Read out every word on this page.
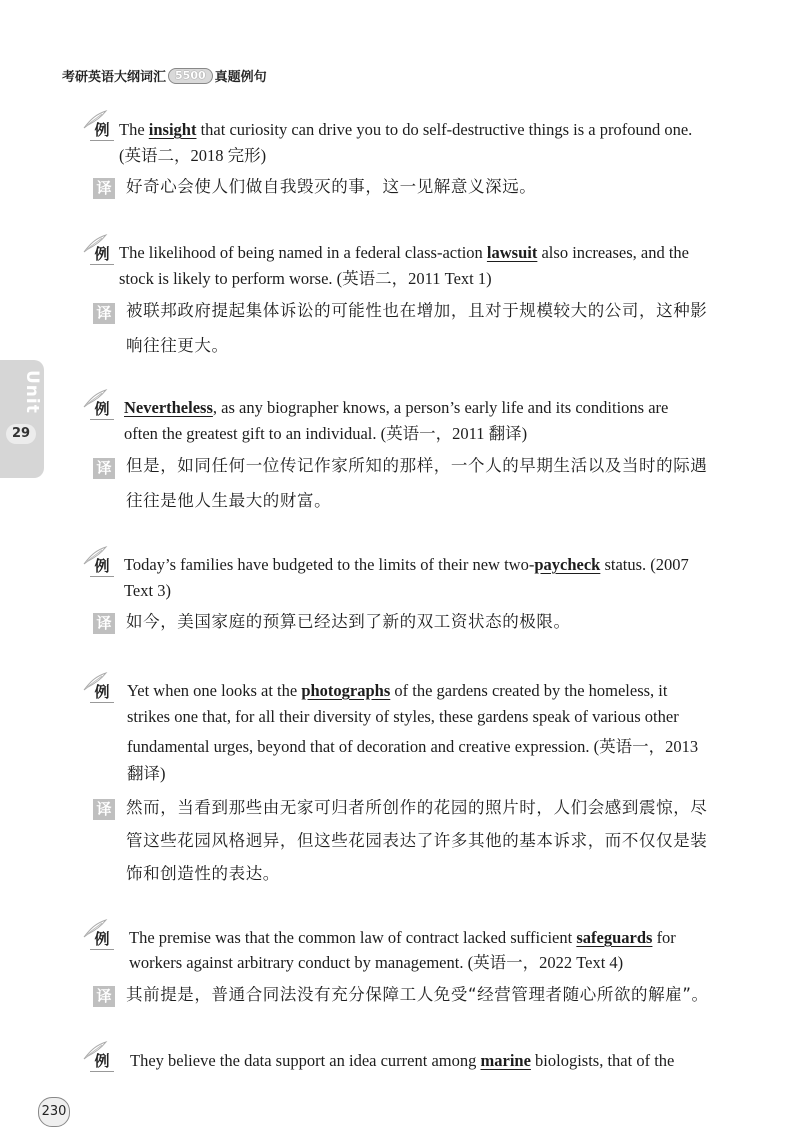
考研英语大纲词汇 5500 真题例句
Unit
29
例 The insight that curiosity can drive you to do self-destructive things is a profound one.
(英语二，2018 完形)
译 好奇心会使人们做自我毁灭的事，这一见解意义深远。
例 The likelihood of being named in a federal class-action lawsuit also increases, and the
stock is likely to perform worse. (英语二，2011 Text 1)
译 被联邦政府提起集体诉讼的可能性也在增加，且对于规模较大的公司，这种影
响往往更大。
例 Nevertheless, as any biographer knows, a person’s early life and its conditions are
often the greatest gift to an individual. (英语一，2011 翻译)
译 但是，如同任何一位传记作家所知的那样，一个人的早期生活以及当时的际遇
往往是他人生最大的财富。
例 Today’s families have budgeted to the limits of their new two-paycheck status. (2007
Text 3)
译 如今，美国家庭的预算已经达到了新的双工资状态的极限。
例 Yet when one looks at the photographs of the gardens created by the homeless, it
strikes one that, for all their diversity of styles, these gardens speak of various other
fundamental urges, beyond that of decoration and creative expression. (英语一，2013
翻译)
译 然而，当看到那些由无家可归者所创作的花园的照片时，人们会感到震惊，尽
管这些花园风格迥异，但这些花园表达了许多其他的基本诉求，而不仅仅是装
饰和创造性的表达。
例 The premise was that the common law of contract lacked sufficient safeguards for
workers against arbitrary conduct by management. (英语一，2022 Text 4)
译 其前提是，普通合同法没有充分保障工人免受“经营管理者随心所欲的解雇”。
例 They believe the data support an idea current among marine biologists, that of the
230
